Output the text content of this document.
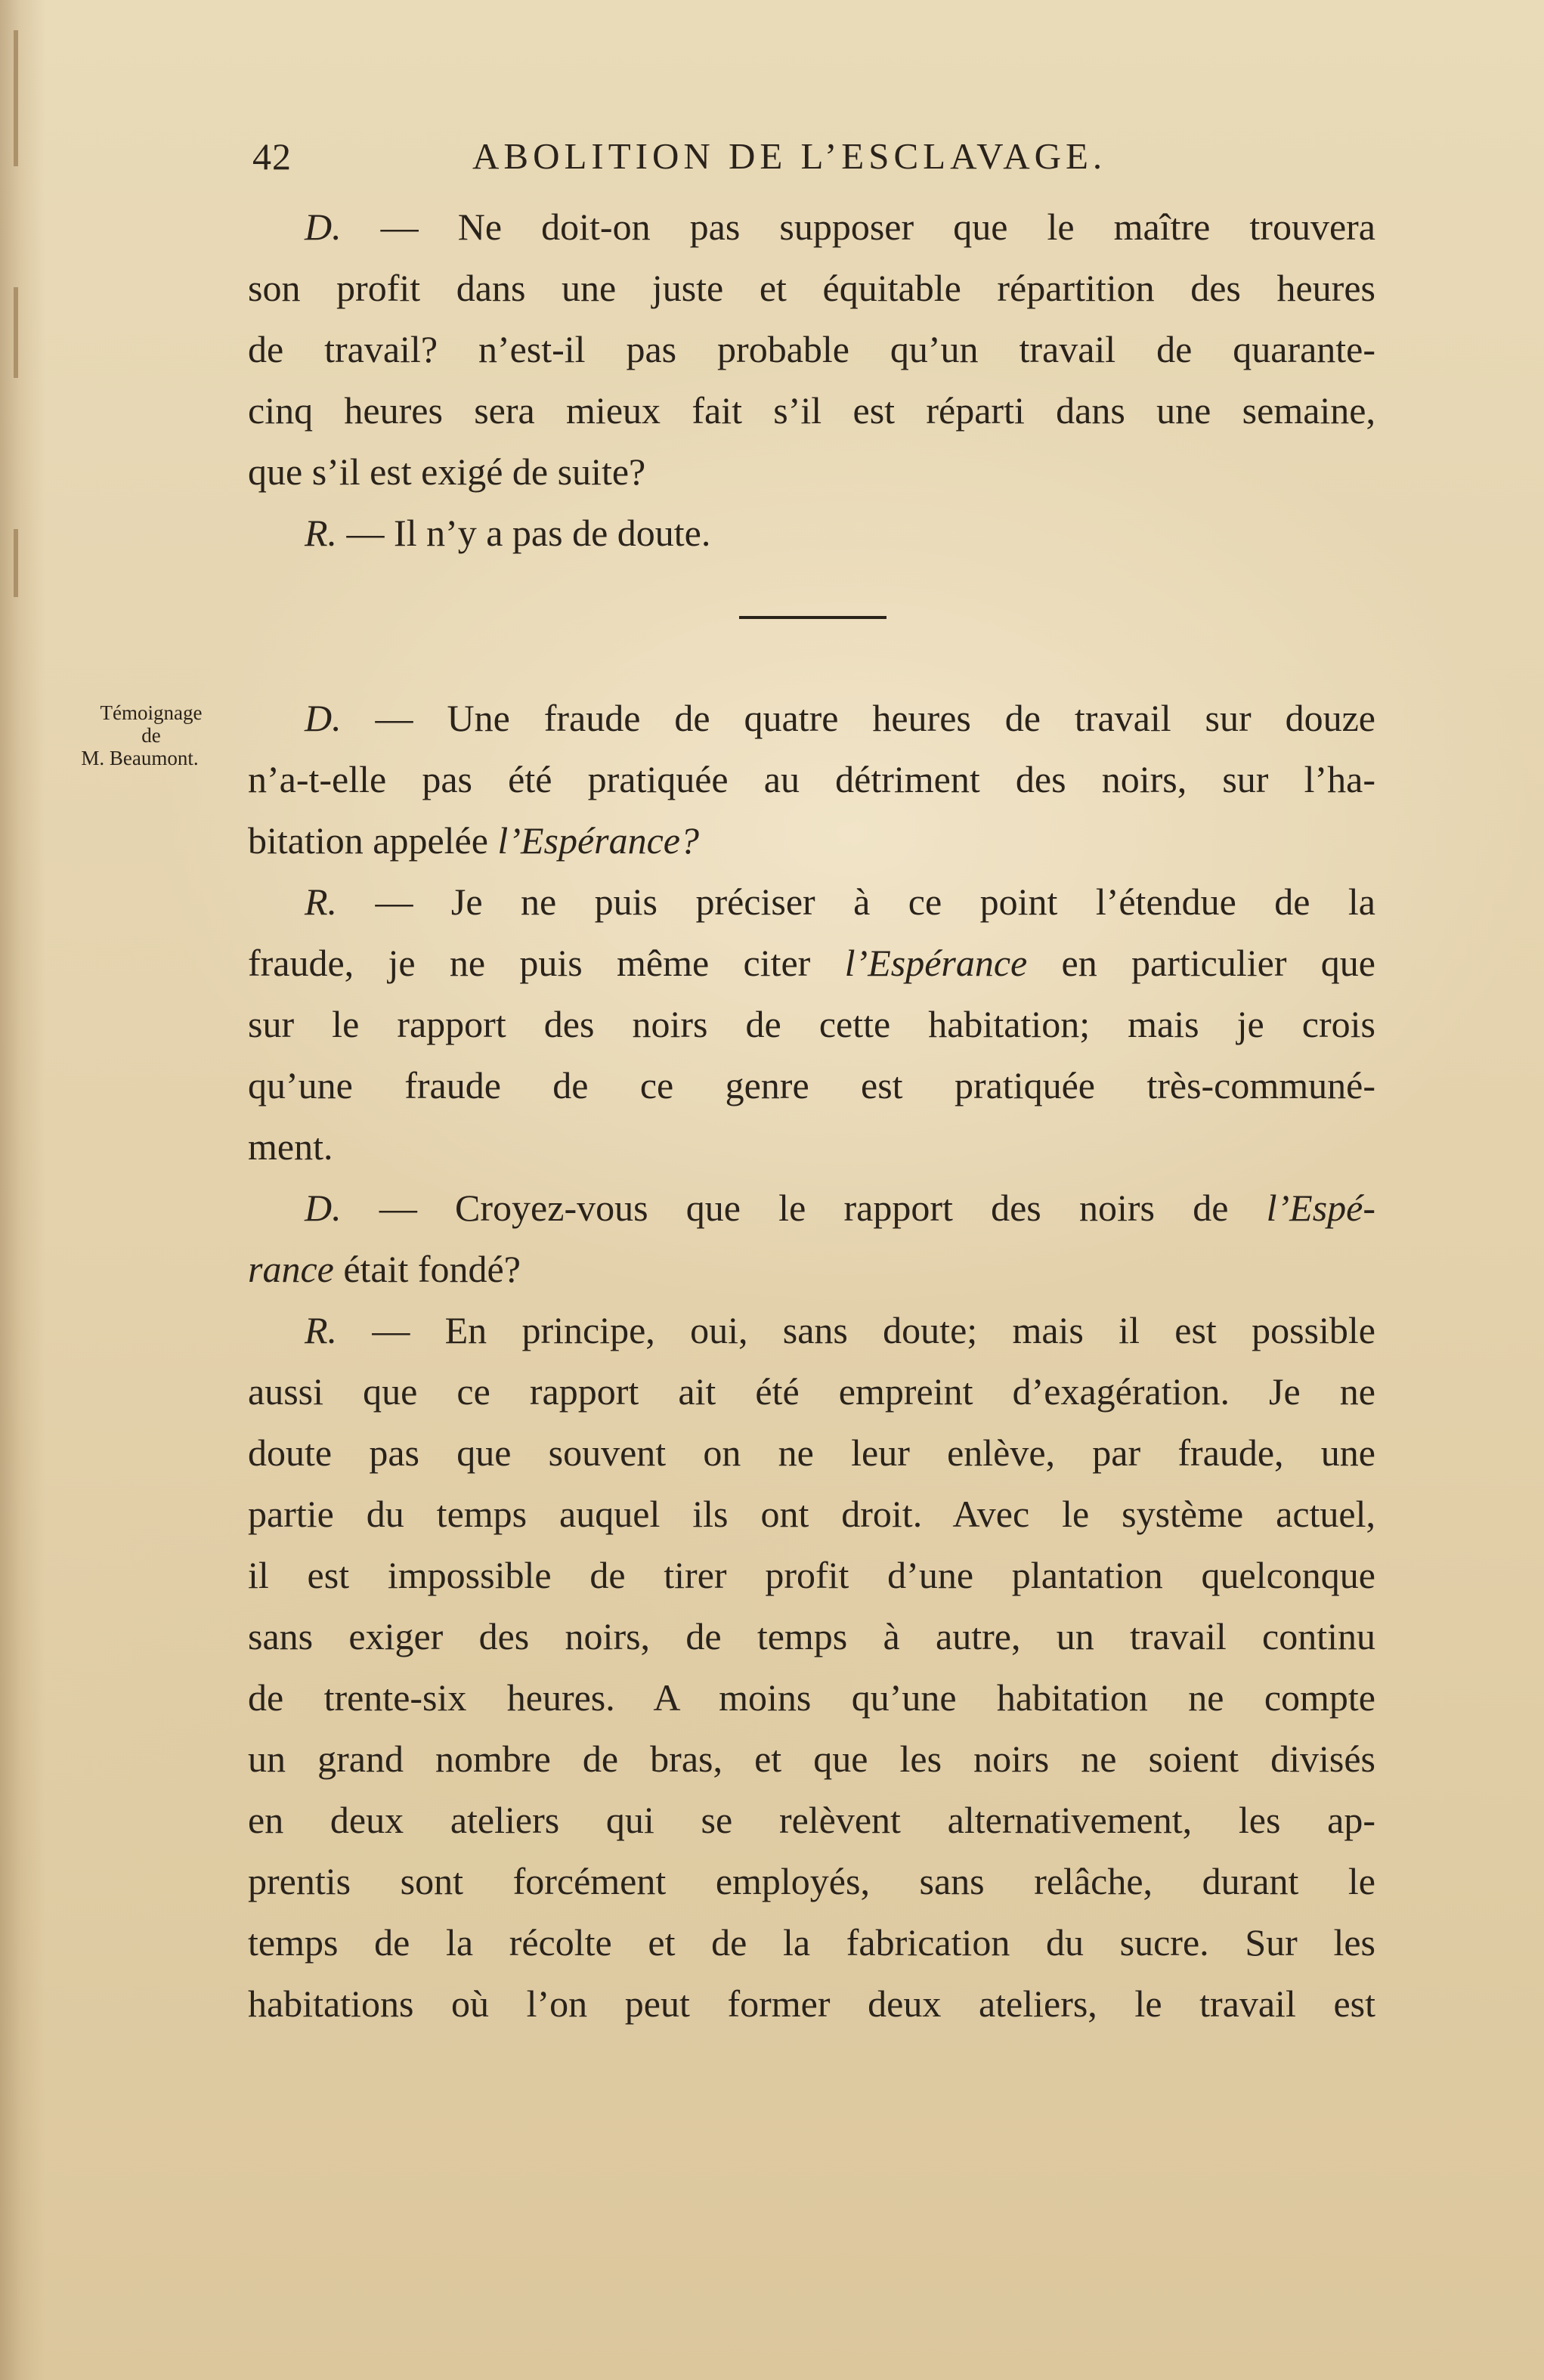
42	ABOLITION DE L’ESCLAVAGE.
D. — Ne doit-on pas supposer que le maître trouvera
son profit dans une juste et équitable répartition des heures
de travail? n’est-il pas probable qu’un travail de quarante-
cinq heures sera mieux fait s’il est réparti dans une semaine,
que s’il est exigé de suite?
R. — Il n’y a pas de doute.
Témoignage
de
M. Beaumont.
D. — Une fraude de quatre heures de travail sur douze
n’a-t-elle pas été pratiquée au détriment des noirs, sur l’ha-
bitation appelée l’Espérance?
R. — Je ne puis préciser à ce point l’étendue de la
fraude, je ne puis même citer l’Espérance en particulier que
sur le rapport des noirs de cette habitation; mais je crois
qu’une fraude de ce genre est pratiquée très-communé-
ment.
D. — Croyez-vous que le rapport des noirs de l’Espé-
rance était fondé?
R. — En principe, oui, sans doute; mais il est possible
aussi que ce rapport ait été empreint d’exagération. Je ne
doute pas que souvent on ne leur enlève, par fraude, une
partie du temps auquel ils ont droit. Avec le système actuel,
il est impossible de tirer profit d’une plantation quelconque
sans exiger des noirs, de temps à autre, un travail continu
de trente-six heures. A moins qu’une habitation ne compte
un grand nombre de bras, et que les noirs ne soient divisés
en deux ateliers qui se relèvent alternativement, les ap-
prentis sont forcément employés, sans relâche, durant le
temps de la récolte et de la fabrication du sucre. Sur les
habitations où l’on peut former deux ateliers, le travail est
